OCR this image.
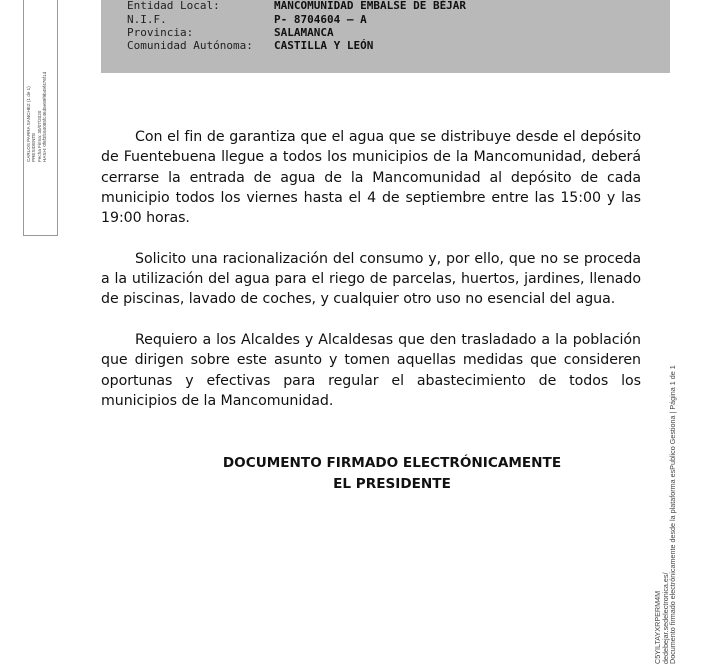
CARLOS PARRA SANCHEZ (1 de 1) PRESIDENTE Fecha Firma: 30/07/2020 HASH: 0f6f3fc64085fc46d5e89f9b49f476f1d
Entidad Local:	MANCOMUNIDAD EMBALSE DE BÉJAR
N.I.F.	P- 8704604 – A
Provincia:	SALAMANCA
Comunidad Autónoma: CASTILLA Y LEÓN

Con el fin de garantiza que el agua que se distribuye desde el depósito de Fuentebuena llegue a todos los municipios de la Mancomunidad, deberá cerrarse la entrada de agua de la Mancomunidad al depósito de cada municipio todos los viernes hasta el 4 de septiembre entre las 15:00 y las 19:00 horas.

Solicito una racionalización del consumo y, por ello, que no se proceda a la utilización del agua para el riego de parcelas, huertos, jardines, llenado de piscinas, lavado de coches, y cualquier otro uso no esencial del agua.

Requiero a los Alcaldes y Alcaldesas que den trasladado a la población que dirigen sobre este asunto y tomen aquellas medidas que consideren oportunas y efectivas para regular el abastecimiento de todos los municipios de la Mancomunidad.

DOCUMENTO FIRMADO ELECTRÓNICAMENTE
EL PRESIDENTE
C5YILTAYXRPERM4M
dedebejar.sedelectronica.es/
Documento firmado electrónicamente desde la plataforma esPublico Gestiona | Página 1 de 1
